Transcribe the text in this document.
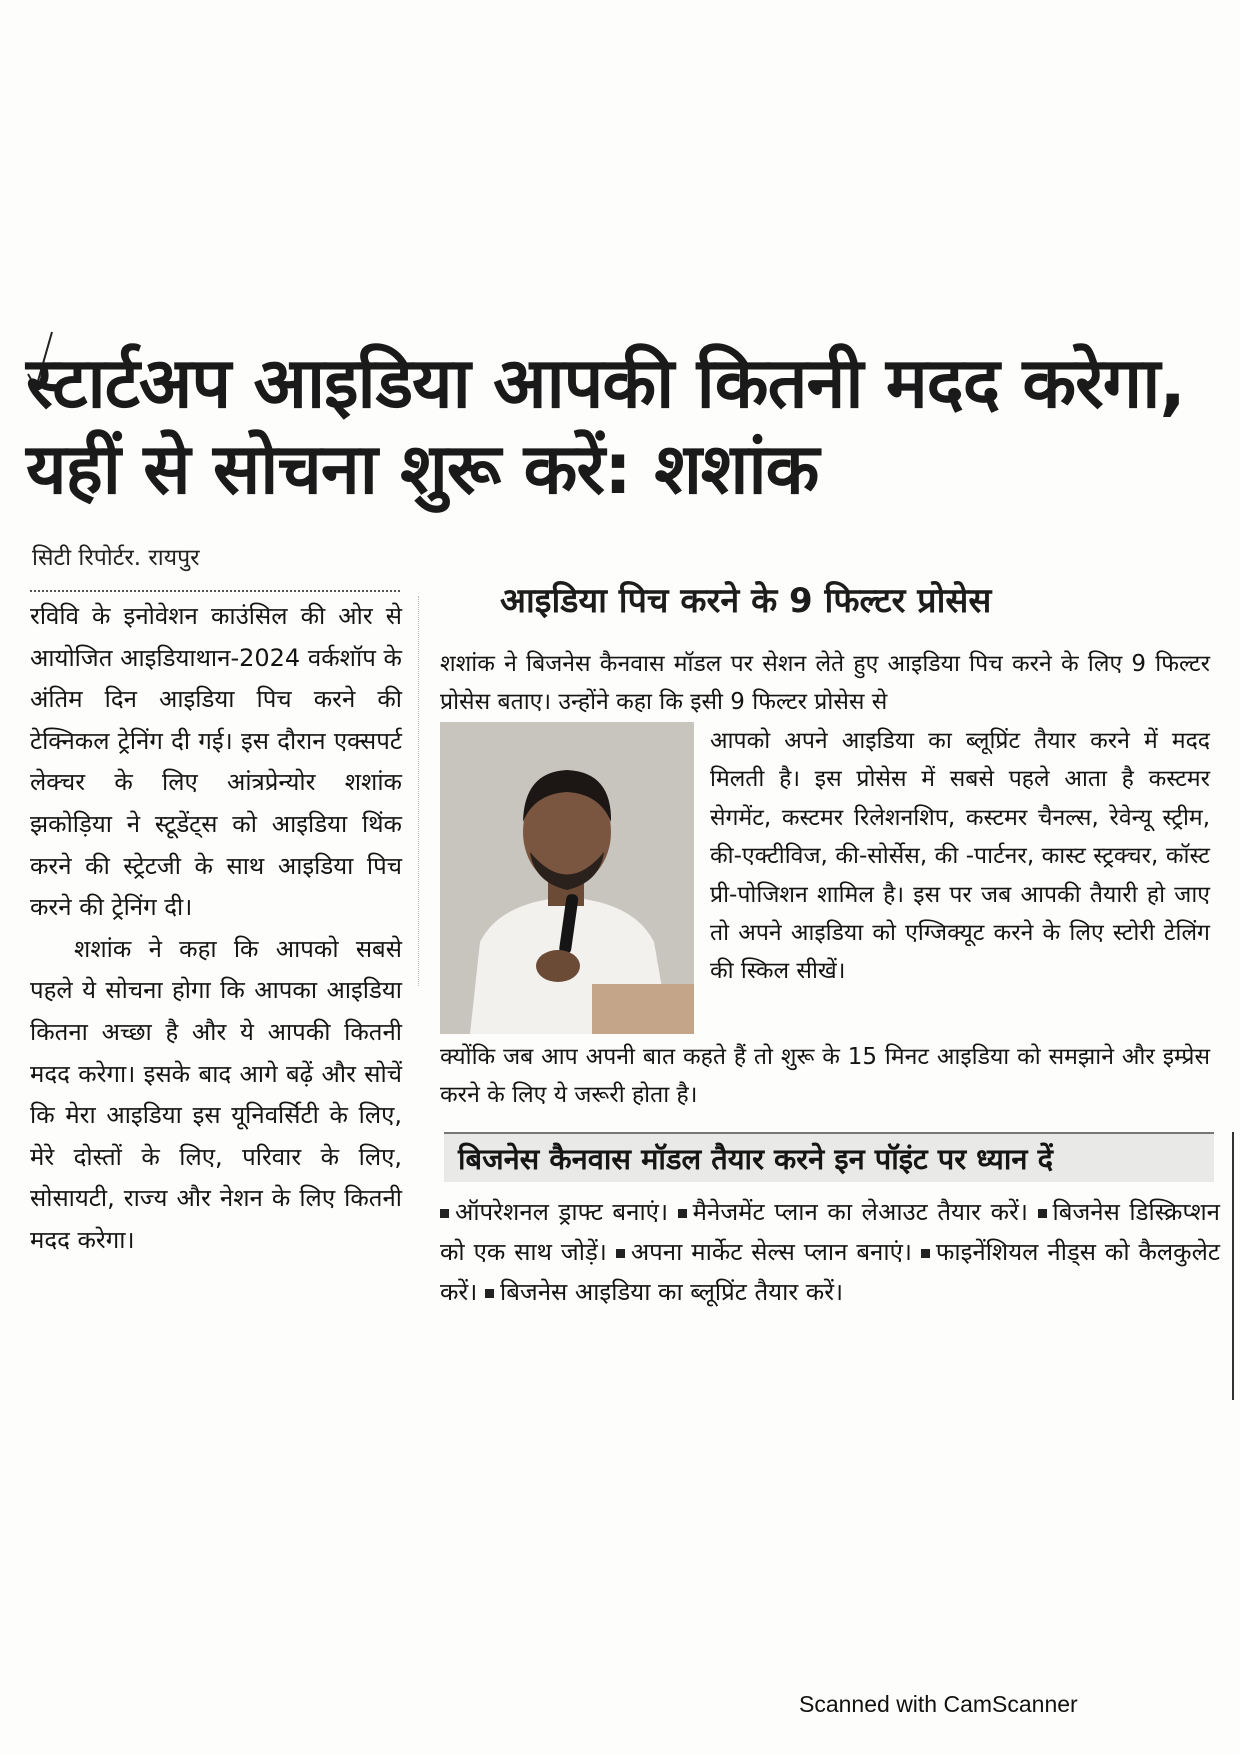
स्टार्टअप आइडिया आपकी कितनी मदद करेगा, यहीं से सोचना शुरू करें: शशांक
सिटी रिपोर्टर. रायपुर

रविवि के इनोवेशन काउंसिल की ओर से आयोजित आइडियाथान-2024 वर्कशॉप के अंतिम दिन आइडिया पिच करने की टेक्निकल ट्रेनिंग दी गई। इस दौरान एक्सपर्ट लेक्चर के लिए आंत्रप्रेन्योर शशांक झकोड़िया ने स्टूडेंट्स को आइडिया थिंक करने की स्ट्रेटजी के साथ आइडिया पिच करने की ट्रेनिंग दी।

शशांक ने कहा कि आपको सबसे पहले ये सोचना होगा कि आपका आइडिया कितना अच्छा है और ये आपकी कितनी मदद करेगा। इसके बाद आगे बढ़ें और सोचें कि मेरा आइडिया इस यूनिवर्सिटी के लिए, मेरे दोस्तों के लिए, परिवार के लिए, सोसायटी, राज्य और नेशन के लिए कितनी मदद करेगा।

आइडिया पिच करने के 9 फिल्टर प्रोसेस
शशांक ने बिजनेस कैनवास मॉडल पर सेशन लेते हुए आइडिया पिच करने के लिए 9 फिल्टर प्रोसेस बताए। उन्होंने कहा कि इसी 9 फिल्टर प्रोसेस से
आपको अपने आइडिया का ब्लूप्रिंट तैयार करने में मदद मिलती है। इस प्रोसेस में सबसे पहले आता है कस्टमर सेगमेंट, कस्टमर रिलेशनशिप, कस्टमर चैनल्स, रेवेन्यू स्ट्रीम, की-एक्टीविज, की-सोर्सेस, की -पार्टनर, कास्ट स्ट्रक्चर, कॉस्ट प्री-पोजिशन शामिल है। इस पर जब आपकी तैयारी हो जाए तो अपने आइडिया को एग्जिक्यूट करने के लिए स्टोरी टेलिंग की स्किल सीखें।
क्योंकि जब आप अपनी बात कहते हैं तो शुरू के 15 मिनट आइडिया को समझाने और इम्प्रेस करने के लिए ये जरूरी होता है।
बिजनेस कैनवास मॉडल तैयार करने इन पॉइंट पर ध्यान दें
ऑपरेशनल ड्राफ्ट बनाएं। मैनेजमेंट प्लान का लेआउट तैयार करें। बिजनेस डिस्क्रिप्शन को एक साथ जोड़ें। अपना मार्केट सेल्स प्लान बनाएं। फाइनेंशियल नीड्स को कैलकुलेट करें। बिजनेस आइडिया का ब्लूप्रिंट तैयार करें।
Scanned with CamScanner
